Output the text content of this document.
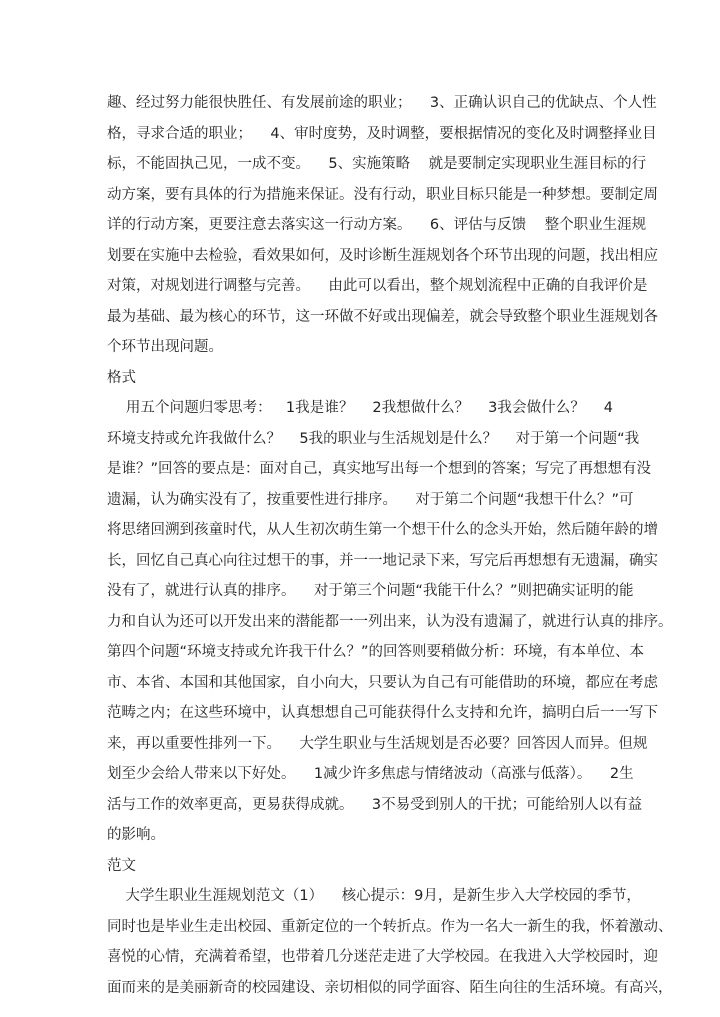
趣、经过努力能很快胜任、有发展前途的职业；    3、正确认识自己的优缺点、个人性
格，寻求合适的职业；    4、审时度势，及时调整，要根据情况的变化及时调整择业目
标，不能固执己见，一成不变。    5、实施策略    就是要制定实现职业生涯目标的行
动方案，要有具体的行为措施来保证。没有行动，职业目标只能是一种梦想。要制定周
详的行动方案，更要注意去落实这一行动方案。    6、评估与反馈    整个职业生涯规
划要在实施中去检验，看效果如何，及时诊断生涯规划各个环节出现的问题，找出相应
对策，对规划进行调整与完善。    由此可以看出，整个规划流程中正确的自我评价是
最为基础、最为核心的环节，这一环做不好或出现偏差，就会导致整个职业生涯规划各
个环节出现问题。
格式
用五个问题归零思考：   1我是谁？    2我想做什么？    3我会做什么？    4
环境支持或允许我做什么？    5我的职业与生活规划是什么？    对于第一个问题“我
是谁？”回答的要点是：面对自己，真实地写出每一个想到的答案；写完了再想想有没
遗漏，认为确实没有了，按重要性进行排序。    对于第二个问题“我想干什么？”可
将思绪回溯到孩童时代，从人生初次萌生第一个想干什么的念头开始，然后随年龄的增
长，回忆自己真心向往过想干的事，并一一地记录下来，写完后再想想有无遗漏，确实
没有了，就进行认真的排序。    对于第三个问题“我能干什么？”则把确实证明的能
力和自认为还可以开发出来的潜能都一一列出来，认为没有遗漏了，就进行认真的排序。
第四个问题“环境支持或允许我干什么？”的回答则要稍做分析：环境，有本单位、本
市、本省、本国和其他国家，自小向大，只要认为自己有可能借助的环境，都应在考虑
范畴之内；在这些环境中，认真想想自己可能获得什么支持和允许，搞明白后一一写下
来，再以重要性排列一下。    大学生职业与生活规划是否必要？回答因人而异。但规
划至少会给人带来以下好处。    1减少许多焦虑与情绪波动（高涨与低落）。    2生
活与工作的效率更高，更易获得成就。    3不易受到别人的干扰；可能给别人以有益
的影响。
范文
大学生职业生涯规划范文（1）    核心提示：9月，是新生步入大学校园的季节，
同时也是毕业生走出校园、重新定位的一个转折点。作为一名大一新生的我，怀着激动、
喜悦的心情，充满着希望，也带着几分迷茫走进了大学校园。在我进入大学校园时，迎
面而来的是美丽新奇的校园建设、亲切相似的同学面容、陌生向往的生活环境。有高兴，
